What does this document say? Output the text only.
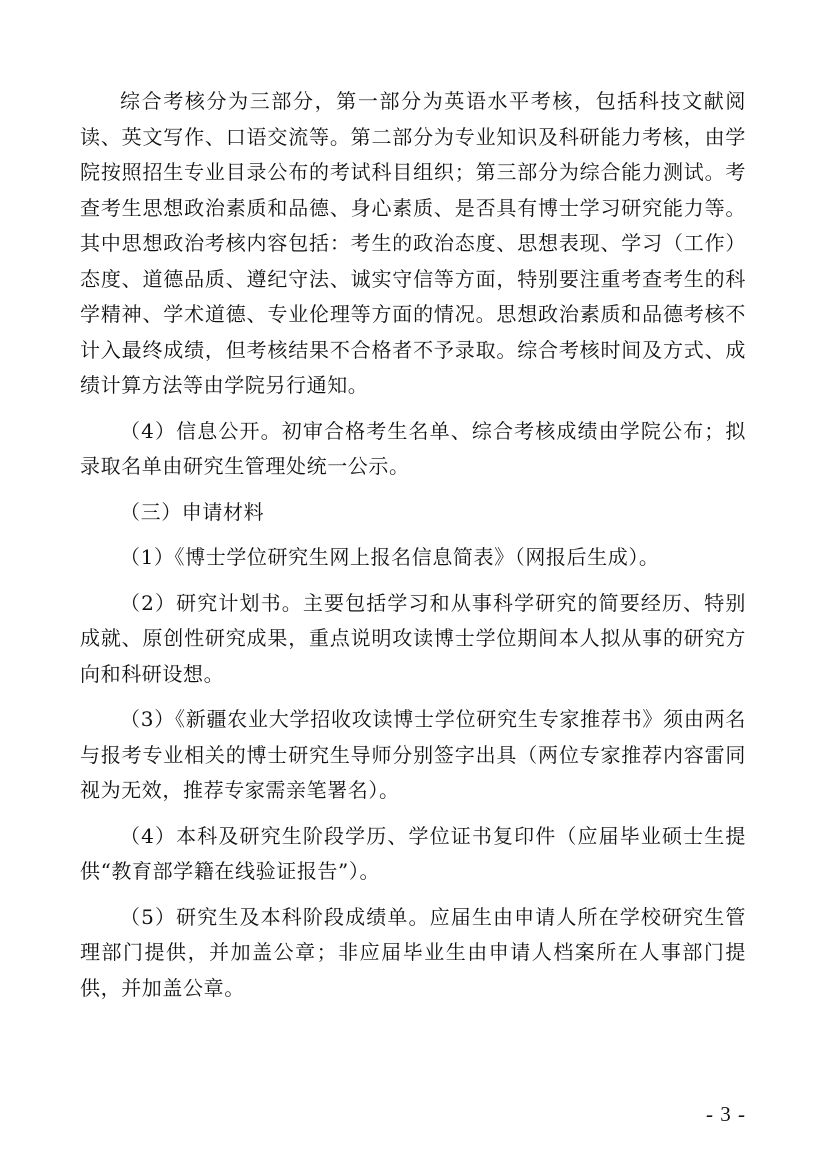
综合考核分为三部分，第一部分为英语水平考核，包括科技文献阅读、英文写作、口语交流等。第二部分为专业知识及科研能力考核，由学院按照招生专业目录公布的考试科目组织；第三部分为综合能力测试。考查考生思想政治素质和品德、身心素质、是否具有博士学习研究能力等。其中思想政治考核内容包括：考生的政治态度、思想表现、学习（工作）态度、道德品质、遵纪守法、诚实守信等方面，特别要注重考查考生的科学精神、学术道德、专业伦理等方面的情况。思想政治素质和品德考核不计入最终成绩，但考核结果不合格者不予录取。综合考核时间及方式、成绩计算方法等由学院另行通知。

（4）信息公开。初审合格考生名单、综合考核成绩由学院公布；拟录取名单由研究生管理处统一公示。

（三）申请材料

（1）《博士学位研究生网上报名信息简表》（网报后生成）。

（2）研究计划书。主要包括学习和从事科学研究的简要经历、特别成就、原创性研究成果，重点说明攻读博士学位期间本人拟从事的研究方向和科研设想。

（3）《新疆农业大学招收攻读博士学位研究生专家推荐书》须由两名与报考专业相关的博士研究生导师分别签字出具（两位专家推荐内容雷同视为无效，推荐专家需亲笔署名）。

（4）本科及研究生阶段学历、学位证书复印件（应届毕业硕士生提供“教育部学籍在线验证报告”）。

（5）研究生及本科阶段成绩单。应届生由申请人所在学校研究生管理部门提供，并加盖公章；非应届毕业生由申请人档案所在人事部门提供，并加盖公章。

- 3 -
